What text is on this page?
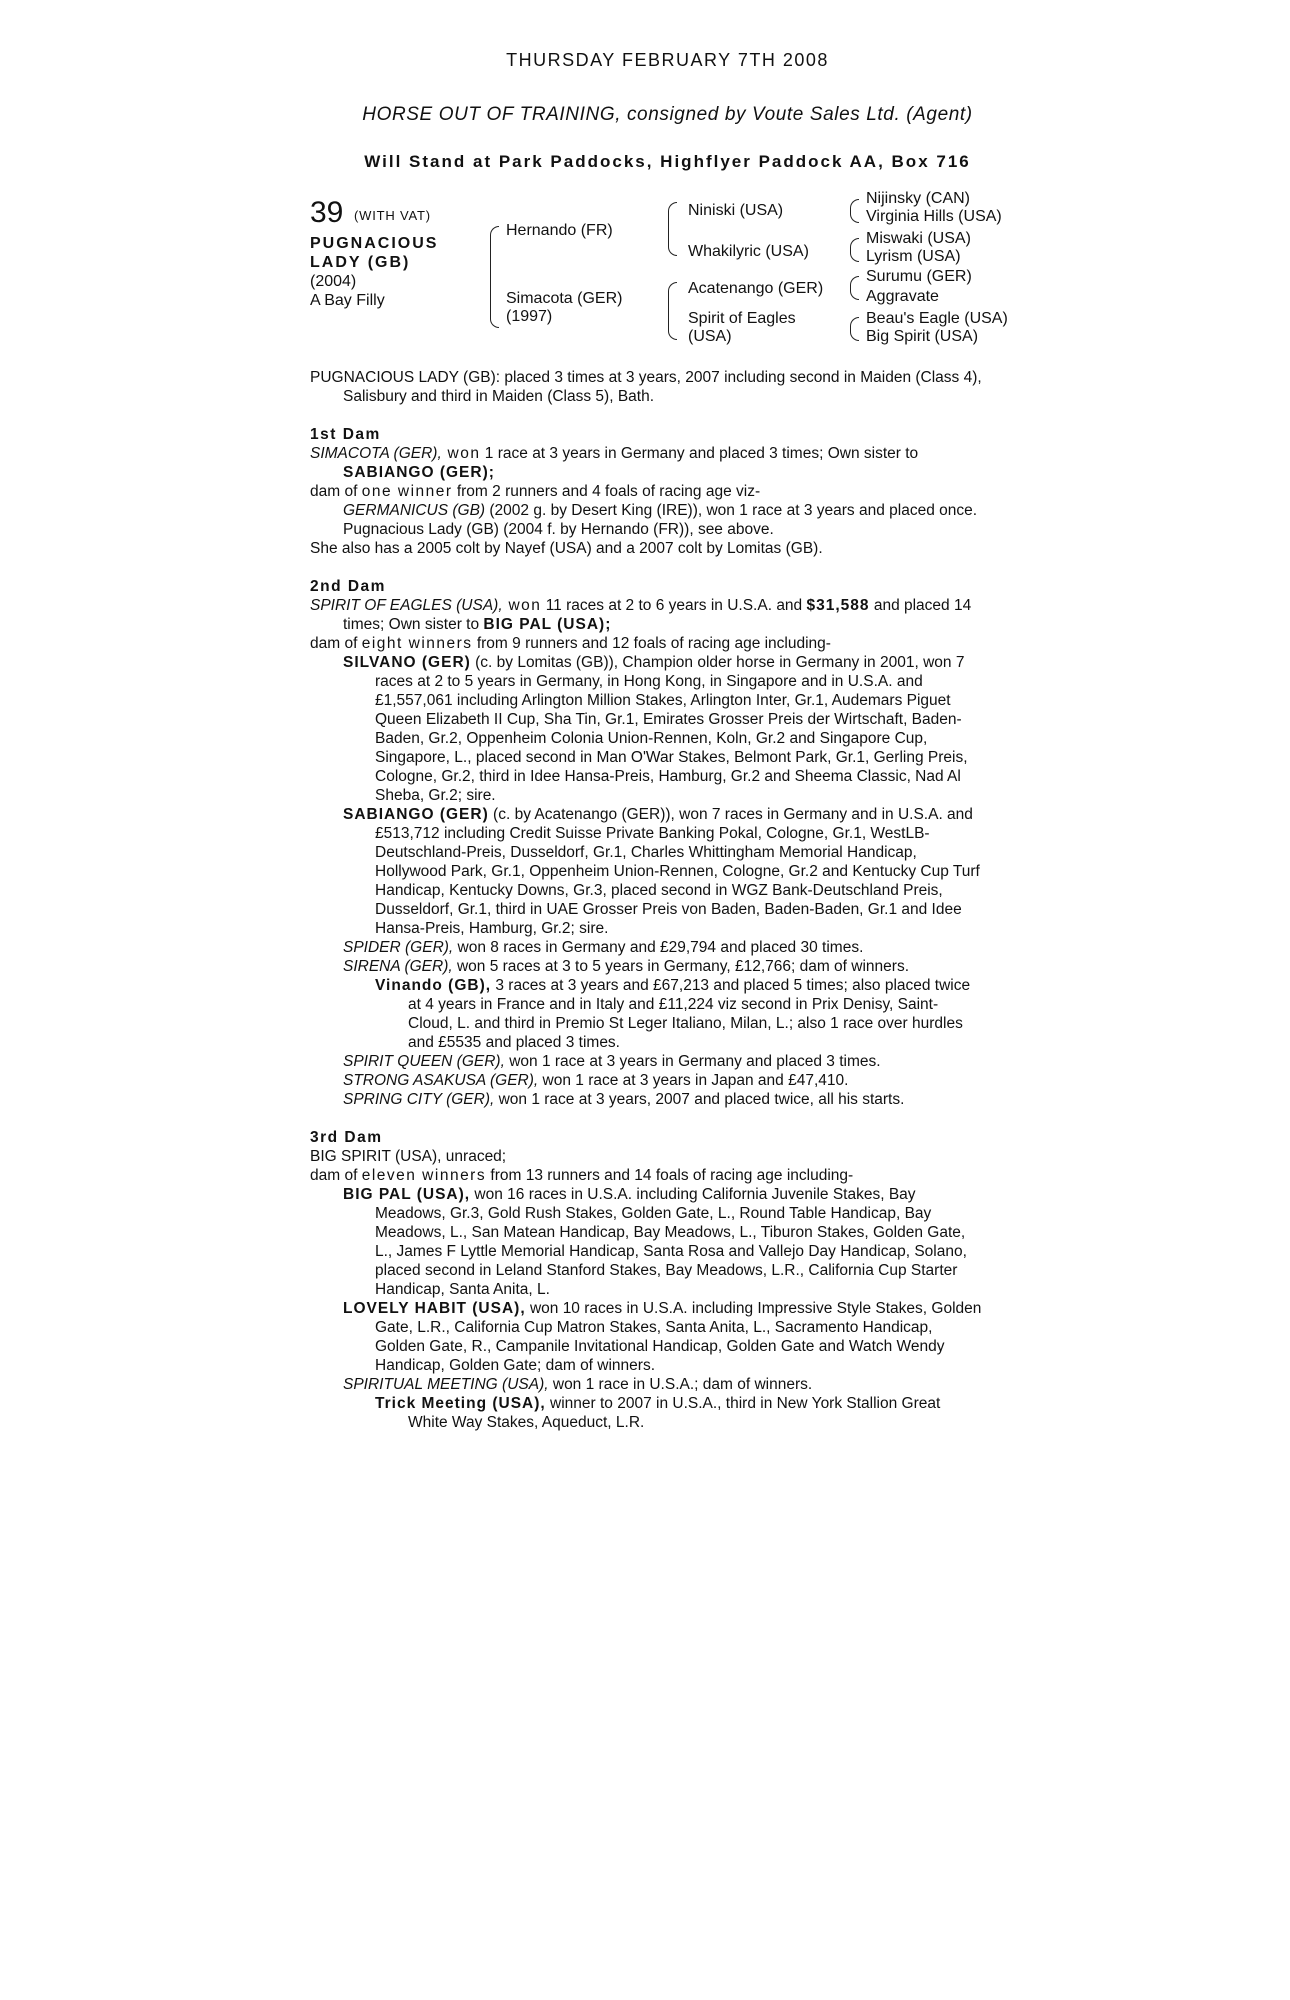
THURSDAY FEBRUARY 7TH 2008
HORSE OUT OF TRAINING, consigned by Voute Sales Ltd. (Agent)
Will Stand at Park Paddocks, Highflyer Paddock AA, Box 716
39 (WITH VAT)
PUGNACIOUS
LADY (GB)
(2004)
A Bay Filly
Hernando (FR)
Simacota (GER)
(1997)
Niniski (USA)
Whakilyric (USA)
Acatenango (GER)
Spirit of Eagles
(USA)
Nijinsky (CAN)
Virginia Hills (USA)
Miswaki (USA)
Lyrism (USA)
Surumu (GER)
Aggravate
Beau's Eagle (USA)
Big Spirit (USA)

PUGNACIOUS LADY (GB): placed 3 times at 3 years, 2007 including second in Maiden (Class 4), Salisbury and third in Maiden (Class 5), Bath.

1st Dam

SIMACOTA (GER), won 1 race at 3 years in Germany and placed 3 times; Own sister to

SABIANGO (GER);

dam of one winner from 2 runners and 4 foals of racing age viz-

GERMANICUS (GB) (2002 g. by Desert King (IRE)), won 1 race at 3 years and placed once.

Pugnacious Lady (GB) (2004 f. by Hernando (FR)), see above.

She also has a 2005 colt by Nayef (USA) and a 2007 colt by Lomitas (GB).

2nd Dam

SPIRIT OF EAGLES (USA), won 11 races at 2 to 6 years in U.S.A. and $31,588 and placed 14 times; Own sister to BIG PAL (USA);

dam of eight winners from 9 runners and 12 foals of racing age including-

SILVANO (GER) (c. by Lomitas (GB)), Champion older horse in Germany in 2001, won 7 races at 2 to 5 years in Germany, in Hong Kong, in Singapore and in U.S.A. and £1,557,061 including Arlington Million Stakes, Arlington Inter, Gr.1, Audemars Piguet Queen Elizabeth II Cup, Sha Tin, Gr.1, Emirates Grosser Preis der Wirtschaft, Baden-Baden, Gr.2, Oppenheim Colonia Union-Rennen, Koln, Gr.2 and Singapore Cup, Singapore, L., placed second in Man O'War Stakes, Belmont Park, Gr.1, Gerling Preis, Cologne, Gr.2, third in Idee Hansa-Preis, Hamburg, Gr.2 and Sheema Classic, Nad Al Sheba, Gr.2; sire.

SABIANGO (GER) (c. by Acatenango (GER)), won 7 races in Germany and in U.S.A. and £513,712 including Credit Suisse Private Banking Pokal, Cologne, Gr.1, WestLB-Deutschland-Preis, Dusseldorf, Gr.1, Charles Whittingham Memorial Handicap, Hollywood Park, Gr.1, Oppenheim Union-Rennen, Cologne, Gr.2 and Kentucky Cup Turf Handicap, Kentucky Downs, Gr.3, placed second in WGZ Bank-Deutschland Preis, Dusseldorf, Gr.1, third in UAE Grosser Preis von Baden, Baden-Baden, Gr.1 and Idee Hansa-Preis, Hamburg, Gr.2; sire.

SPIDER (GER), won 8 races in Germany and £29,794 and placed 30 times.

SIRENA (GER), won 5 races at 3 to 5 years in Germany, £12,766; dam of winners.

Vinando (GB), 3 races at 3 years and £67,213 and placed 5 times; also placed twice at 4 years in France and in Italy and £11,224 viz second in Prix Denisy, Saint-Cloud, L. and third in Premio St Leger Italiano, Milan, L.; also 1 race over hurdles and £5535 and placed 3 times.

SPIRIT QUEEN (GER), won 1 race at 3 years in Germany and placed 3 times.

STRONG ASAKUSA (GER), won 1 race at 3 years in Japan and £47,410.

SPRING CITY (GER), won 1 race at 3 years, 2007 and placed twice, all his starts.

3rd Dam

BIG SPIRIT (USA), unraced;

dam of eleven winners from 13 runners and 14 foals of racing age including-

BIG PAL (USA), won 16 races in U.S.A. including California Juvenile Stakes, Bay Meadows, Gr.3, Gold Rush Stakes, Golden Gate, L., Round Table Handicap, Bay Meadows, L., San Matean Handicap, Bay Meadows, L., Tiburon Stakes, Golden Gate, L., James F Lyttle Memorial Handicap, Santa Rosa and Vallejo Day Handicap, Solano, placed second in Leland Stanford Stakes, Bay Meadows, L.R., California Cup Starter Handicap, Santa Anita, L.

LOVELY HABIT (USA), won 10 races in U.S.A. including Impressive Style Stakes, Golden Gate, L.R., California Cup Matron Stakes, Santa Anita, L., Sacramento Handicap, Golden Gate, R., Campanile Invitational Handicap, Golden Gate and Watch Wendy Handicap, Golden Gate; dam of winners.

SPIRITUAL MEETING (USA), won 1 race in U.S.A.; dam of winners.

Trick Meeting (USA), winner to 2007 in U.S.A., third in New York Stallion Great White Way Stakes, Aqueduct, L.R.
